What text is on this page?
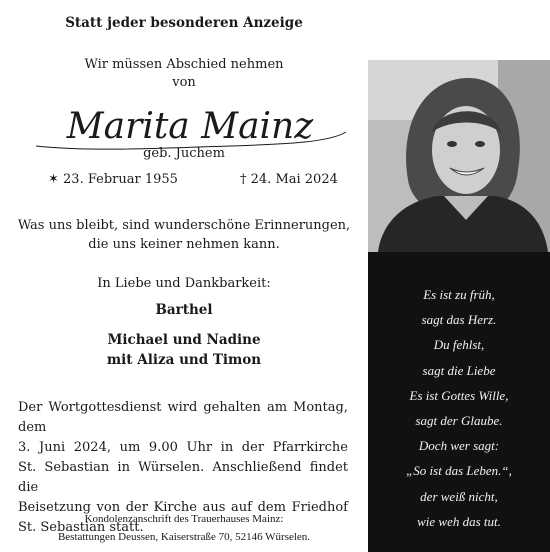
Statt jeder besonderen Anzeige
Wir müssen Abschied nehmen
von
Marita Mainz
geb. Juchem
✶ 23. Februar 1955	† 24. Mai 2024
Was uns bleibt, sind wunderschöne Erinnerungen,
die uns keiner nehmen kann.
In Liebe und Dankbarkeit:
Barthel
Michael und Nadine
mit Aliza und Timon

Der Wortgottesdienst wird gehalten am Montag, dem

3. Juni 2024, um 9.00 Uhr in der Pfarrkirche

St. Sebastian in Würselen. Anschließend findet die

Beisetzung von der Kirche aus auf dem Friedhof

St. Sebastian statt.

Kondolenzanschrift des Trauerhauses Mainz:
Bestattungen Deussen, Kaiserstraße 70, 52146 Würselen.
Es ist zu früh,
sagt das Herz.
Du fehlst,
sagt die Liebe
Es ist Gottes Wille,
sagt der Glaube.
Doch wer sagt:
„So ist das Leben.“,
der weiß nicht,
wie weh das tut.
